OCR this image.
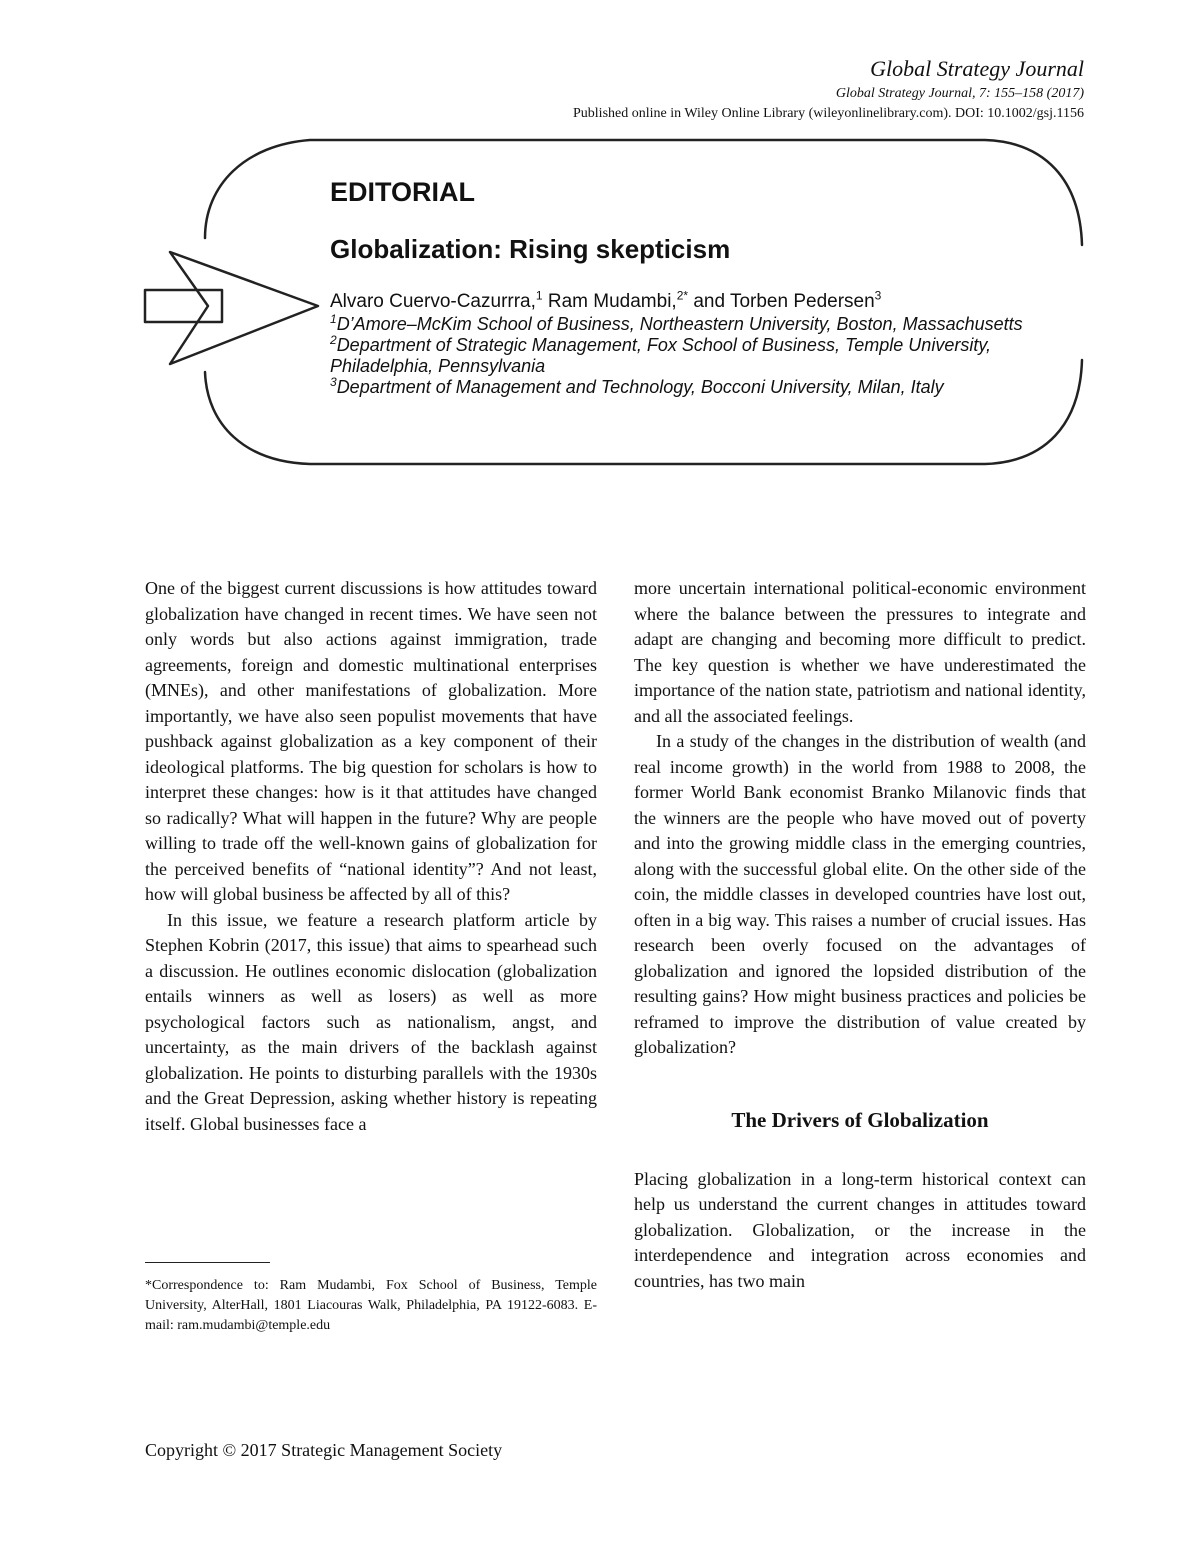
Global Strategy Journal
Global Strategy Journal, 7: 155–158 (2017)
Published online in Wiley Online Library (wileyonlinelibrary.com). DOI: 10.1002/gsj.1156
EDITORIAL
Globalization: Rising skepticism
Alvaro Cuervo-Cazurrra,$^1$ Ram Mudambi,$^{2*}$ and Torben Pedersen$^3$
$^1$D’Amore–McKim School of Business, Northeastern University, Boston, Massachusetts
$^2$Department of Strategic Management, Fox School of Business, Temple University, Philadelphia, Pennsylvania
$^3$Department of Management and Technology, Bocconi University, Milan, Italy

One of the biggest current discussions is how attitudes toward globalization have changed in recent times. We have seen not only words but also actions against immigration, trade agreements, foreign and domestic multinational enterprises (MNEs), and other manifestations of globalization. More importantly, we have also seen populist movements that have pushback against globalization as a key component of their ideological platforms. The big question for scholars is how to interpret these changes: how is it that attitudes have changed so radically? What will happen in the future? Why are people willing to trade off the well-known gains of globalization for the perceived benefits of “national identity”? And not least, how will global business be affected by all of this?

In this issue, we feature a research platform article by Stephen Kobrin (2017, this issue) that aims to spearhead such a discussion. He outlines economic dislocation (globalization entails winners as well as losers) as well as more psychological factors such as nationalism, angst, and uncertainty, as the main drivers of the backlash against globalization. He points to disturbing parallels with the 1930s and the Great Depression, asking whether history is repeating itself. Global businesses face a

more uncertain international political-economic environment where the balance between the pressures to integrate and adapt are changing and becoming more difficult to predict. The key question is whether we have underestimated the importance of the nation state, patriotism and national identity, and all the associated feelings.

In a study of the changes in the distribution of wealth (and real income growth) in the world from 1988 to 2008, the former World Bank economist Branko Milanovic finds that the winners are the people who have moved out of poverty and into the growing middle class in the emerging countries, along with the successful global elite. On the other side of the coin, the middle classes in developed countries have lost out, often in a big way. This raises a number of crucial issues. Has research been overly focused on the advantages of globalization and ignored the lopsided distribution of the resulting gains? How might business practices and policies be reframed to improve the distribution of value created by globalization?

The Drivers of Globalization

Placing globalization in a long-term historical context can help us understand the current changes in attitudes toward globalization. Globalization, or the increase in the interdependence and integration across economies and countries, has two main

*Correspondence to: Ram Mudambi, Fox School of Business, Temple University, AlterHall, 1801 Liacouras Walk, Philadelphia, PA 19122-6083. E-mail: ram.mudambi@temple.edu
Copyright © 2017 Strategic Management Society
